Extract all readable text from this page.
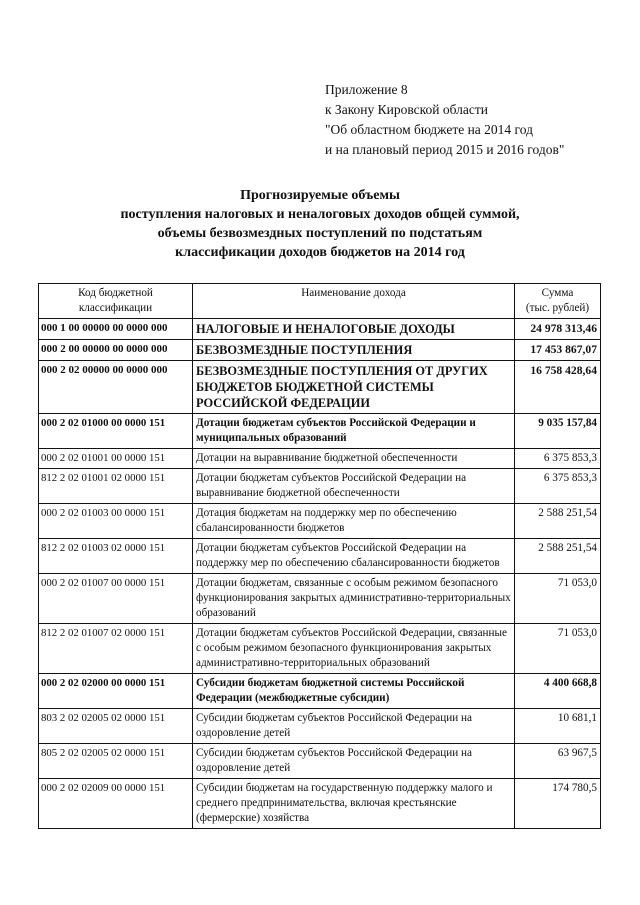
Приложение 8
к Закону Кировской области
"Об областном бюджете на 2014 год
и на плановый период 2015 и 2016 годов"
Прогнозируемые объемы
поступления налоговых и неналоговых доходов общей суммой,
объемы безвозмездных поступлений по подстатьям
классификации доходов бюджетов на 2014 год
Код бюджетной классификации	Наименование дохода	Сумма
(тыс. рублей)

000 1 00 00000 00 0000 000	НАЛОГОВЫЕ И НЕНАЛОГОВЫЕ ДОХОДЫ	24 978 313,46
000 2 00 00000 00 0000 000	БЕЗВОЗМЕЗДНЫЕ ПОСТУПЛЕНИЯ	17 453 867,07
000 2 02 00000 00 0000 000	БЕЗВОЗМЕЗДНЫЕ ПОСТУПЛЕНИЯ ОТ ДРУГИХ БЮДЖЕТОВ БЮДЖЕТНОЙ СИСТЕМЫ РОССИЙСКОЙ ФЕДЕРАЦИИ	16 758 428,64
000 2 02 01000 00 0000 151	Дотации бюджетам субъектов Российской Федерации и муниципальных образований	9 035 157,84
000 2 02 01001 00 0000 151	Дотации на выравнивание бюджетной обеспеченности	6 375 853,3
812 2 02 01001 02 0000 151	Дотации бюджетам субъектов Российской Федерации на выравнивание бюджетной обеспеченности	6 375 853,3
000 2 02 01003 00 0000 151	Дотация бюджетам на поддержку мер по обеспечению сбалансированности бюджетов	2 588 251,54
812 2 02 01003 02 0000 151	Дотации бюджетам субъектов Российской Федерации на поддержку мер по обеспечению сбалансированности бюджетов	2 588 251,54
000 2 02 01007 00 0000 151	Дотации бюджетам, связанные с особым режимом безопасного функционирования закрытых административно-территориальных образований	71 053,0
812 2 02 01007 02 0000 151	Дотации бюджетам субъектов Российской Федерации, связанные с особым режимом безопасного функционирования закрытых административно-территориальных образований	71 053,0
000 2 02 02000 00 0000 151	Субсидии бюджетам бюджетной системы Российской Федерации (межбюджетные субсидии)	4 400 668,8
803 2 02 02005 02 0000 151	Субсидии бюджетам субъектов Российской Федерации на оздоровление детей	10 681,1
805 2 02 02005 02 0000 151	Субсидии бюджетам субъектов Российской Федерации на оздоровление детей	63 967,5
000 2 02 02009 00 0000 151	Субсидии бюджетам на государственную поддержку малого и среднего предпринимательства, включая крестьянские (фермерские) хозяйства	174 780,5
